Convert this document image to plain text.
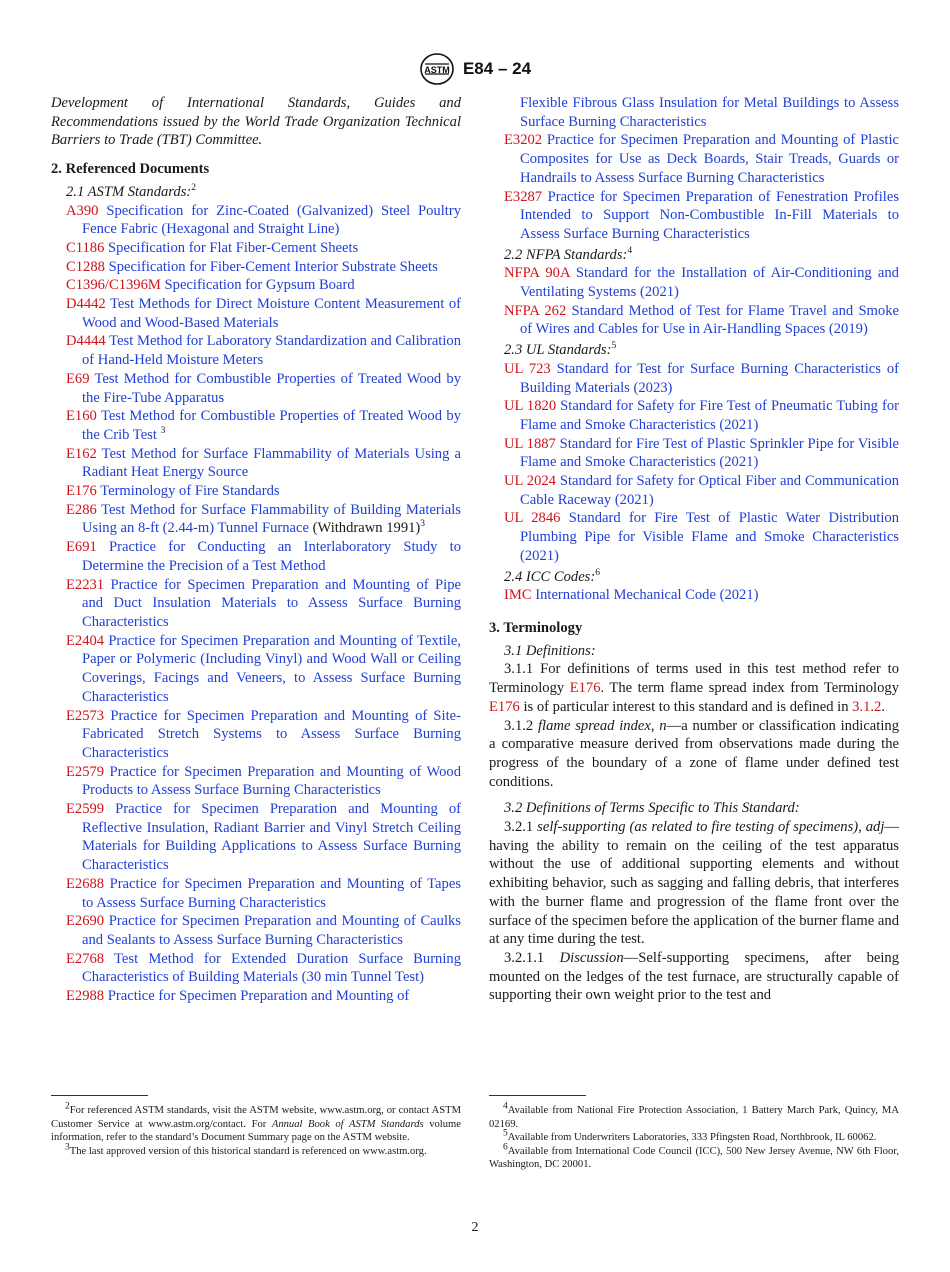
ASTM E84 – 24

Development of International Standards, Guides and Recommendations issued by the World Trade Organization Technical Barriers to Trade (TBT) Committee.

2. Referenced Documents

2.1 ASTM Standards:$^2$

A390 Specification for Zinc-Coated (Galvanized) Steel Poultry Fence Fabric (Hexagonal and Straight Line)

C1186 Specification for Flat Fiber-Cement Sheets

C1288 Specification for Fiber-Cement Interior Substrate Sheets

C1396/C1396M Specification for Gypsum Board

D4442 Test Methods for Direct Moisture Content Measurement of Wood and Wood-Based Materials

D4444 Test Method for Laboratory Standardization and Calibration of Hand-Held Moisture Meters

E69 Test Method for Combustible Properties of Treated Wood by the Fire-Tube Apparatus

E160 Test Method for Combustible Properties of Treated Wood by the Crib Test $^3$

E162 Test Method for Surface Flammability of Materials Using a Radiant Heat Energy Source

E176 Terminology of Fire Standards

E286 Test Method for Surface Flammability of Building Materials Using an 8-ft (2.44-m) Tunnel Furnace (Withdrawn 1991)$^3$

E691 Practice for Conducting an Interlaboratory Study to Determine the Precision of a Test Method

E2231 Practice for Specimen Preparation and Mounting of Pipe and Duct Insulation Materials to Assess Surface Burning Characteristics

E2404 Practice for Specimen Preparation and Mounting of Textile, Paper or Polymeric (Including Vinyl) and Wood Wall or Ceiling Coverings, Facings and Veneers, to Assess Surface Burning Characteristics

E2573 Practice for Specimen Preparation and Mounting of Site-Fabricated Stretch Systems to Assess Surface Burning Characteristics

E2579 Practice for Specimen Preparation and Mounting of Wood Products to Assess Surface Burning Characteristics

E2599 Practice for Specimen Preparation and Mounting of Reflective Insulation, Radiant Barrier and Vinyl Stretch Ceiling Materials for Building Applications to Assess Surface Burning Characteristics

E2688 Practice for Specimen Preparation and Mounting of Tapes to Assess Surface Burning Characteristics

E2690 Practice for Specimen Preparation and Mounting of Caulks and Sealants to Assess Surface Burning Characteristics

E2768 Test Method for Extended Duration Surface Burning Characteristics of Building Materials (30 min Tunnel Test)

E2988 Practice for Specimen Preparation and Mounting of

Flexible Fibrous Glass Insulation for Metal Buildings to Assess Surface Burning Characteristics

E3202 Practice for Specimen Preparation and Mounting of Plastic Composites for Use as Deck Boards, Stair Treads, Guards or Handrails to Assess Surface Burning Characteristics

E3287 Practice for Specimen Preparation of Fenestration Profiles Intended to Support Non-Combustible In-Fill Materials to Assess Surface Burning Characteristics

2.2 NFPA Standards:$^4$

NFPA 90A Standard for the Installation of Air-Conditioning and Ventilating Systems (2021)

NFPA 262 Standard Method of Test for Flame Travel and Smoke of Wires and Cables for Use in Air-Handling Spaces (2019)

2.3 UL Standards:$^5$

UL 723 Standard for Test for Surface Burning Characteristics of Building Materials (2023)

UL 1820 Standard for Safety for Fire Test of Pneumatic Tubing for Flame and Smoke Characteristics (2021)

UL 1887 Standard for Fire Test of Plastic Sprinkler Pipe for Visible Flame and Smoke Characteristics (2021)

UL 2024 Standard for Safety for Optical Fiber and Communication Cable Raceway (2021)

UL 2846 Standard for Fire Test of Plastic Water Distribution Plumbing Pipe for Visible Flame and Smoke Characteristics (2021)

2.4 ICC Codes:$^6$

IMC International Mechanical Code (2021)

3. Terminology

3.1 Definitions:

3.1.1 For definitions of terms used in this test method refer to Terminology E176. The term flame spread index from Terminology E176 is of particular interest to this standard and is defined in 3.1.2.

3.1.2 flame spread index, n—a number or classification indicating a comparative measure derived from observations made during the progress of the boundary of a zone of flame under defined test conditions.

3.2 Definitions of Terms Specific to This Standard:

3.2.1 self-supporting (as related to fire testing of specimens), adj—having the ability to remain on the ceiling of the test apparatus without the use of additional supporting elements and without exhibiting behavior, such as sagging and falling debris, that interferes with the burner flame and progression of the flame front over the surface of the specimen before the application of the burner flame and at any time during the test.

3.2.1.1 Discussion—Self-supporting specimens, after being mounted on the ledges of the test furnace, are structurally capable of supporting their own weight prior to the test and

$^2$For referenced ASTM standards, visit the ASTM website, www.astm.org, or contact ASTM Customer Service at www.astm.org/contact. For Annual Book of ASTM Standards volume information, refer to the standard’s Document Summary page on the ASTM website.

$^3$The last approved version of this historical standard is referenced on www.astm.org.

$^4$Available from National Fire Protection Association, 1 Battery March Park, Quincy, MA 02169.

$^5$Available from Underwriters Laboratories, 333 Pfingsten Road, Northbrook, IL 60062.

$^6$Available from International Code Council (ICC), 500 New Jersey Avenue, NW 6th Floor, Washington, DC 20001.

2
